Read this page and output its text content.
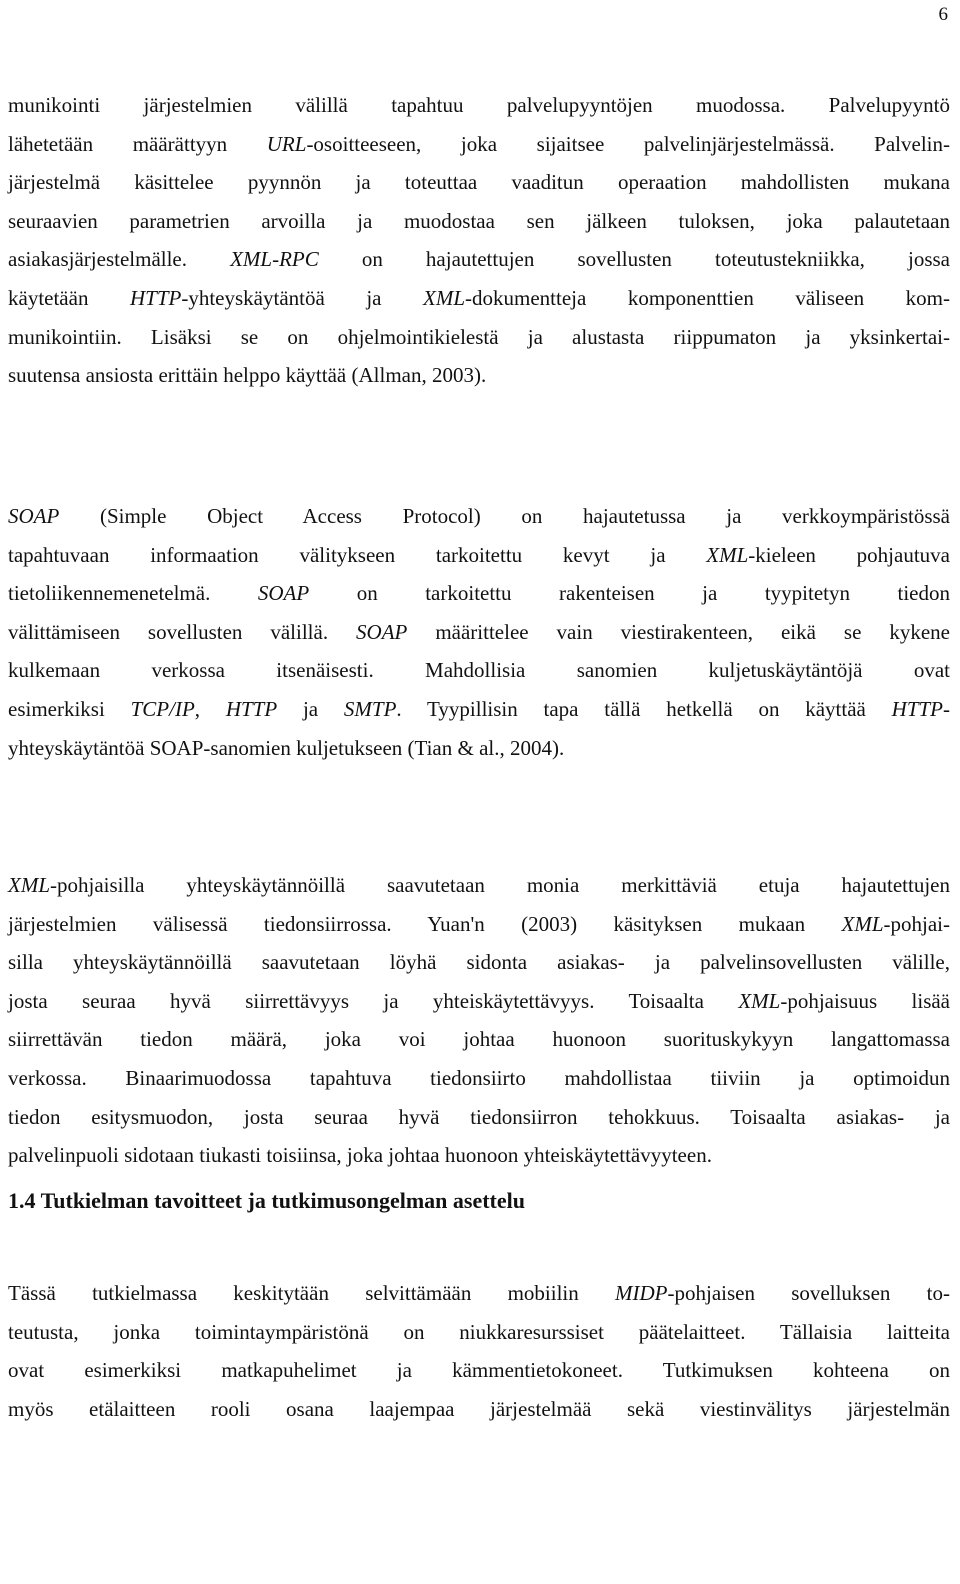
6
munikointi järjestelmien välillä tapahtuu palvelupyyntöjen muodossa. Palvelupyyntö
lähetetään määrättyyn URL-osoitteeseen, joka sijaitsee palvelinjärjestelmässä. Palvelin-
järjestelmä käsittelee pyynnön ja toteuttaa vaaditun operaation mahdollisten mukana
seuraavien parametrien arvoilla ja muodostaa sen jälkeen tuloksen, joka palautetaan
asiakasjärjestelmälle. XML-RPC on hajautettujen sovellusten toteutustekniikka, jossa
käytetään HTTP-yhteyskäytäntöä ja XML-dokumentteja komponenttien väliseen kom-
munikointiin. Lisäksi se on ohjelmointikielestä ja alustasta riippumaton ja yksinkertai-
suutensa ansiosta erittäin helppo käyttää (Allman, 2003).
SOAP (Simple Object Access Protocol) on hajautetussa ja verkkoympäristössä
tapahtuvaan informaation välitykseen tarkoitettu kevyt ja XML-kieleen pohjautuva
tietoliikennemenetelmä. SOAP on tarkoitettu rakenteisen ja tyypitetyn tiedon
välittämiseen sovellusten välillä. SOAP määrittelee vain viestirakenteen, eikä se kykene
kulkemaan verkossa itsenäisesti. Mahdollisia sanomien kuljetuskäytäntöjä ovat
esimerkiksi TCP/IP, HTTP ja SMTP. Tyypillisin tapa tällä hetkellä on käyttää HTTP-
yhteyskäytäntöä SOAP-sanomien kuljetukseen (Tian & al., 2004).
XML-pohjaisilla yhteyskäytännöillä saavutetaan monia merkittäviä etuja hajautettujen
järjestelmien välisessä tiedonsiirrossa. Yuan'n (2003) käsityksen mukaan XML-pohjai-
silla yhteyskäytännöillä saavutetaan löyhä sidonta asiakas- ja palvelinsovellusten välille,
josta seuraa hyvä siirrettävyys ja yhteiskäytettävyys. Toisaalta XML-pohjaisuus lisää
siirrettävän tiedon määrä, joka voi johtaa huonoon suorituskykyyn langattomassa
verkossa. Binaarimuodossa tapahtuva tiedonsiirto mahdollistaa tiiviin ja optimoidun
tiedon esitysmuodon, josta seuraa hyvä tiedonsiirron tehokkuus. Toisaalta asiakas- ja
palvelinpuoli sidotaan tiukasti toisiinsa, joka johtaa huonoon yhteiskäytettävyyteen.
1.4 Tutkielman tavoitteet ja tutkimusongelman asettelu
Tässä tutkielmassa keskitytään selvittämään mobiilin MIDP-pohjaisen sovelluksen to-
teutusta, jonka toimintaympäristönä on niukkaresurssiset päätelaitteet. Tällaisia laitteita
ovat esimerkiksi matkapuhelimet ja kämmentietokoneet. Tutkimuksen kohteena on
myös etälaitteen rooli osana laajempaa järjestelmää sekä viestinvälitys järjestelmän
